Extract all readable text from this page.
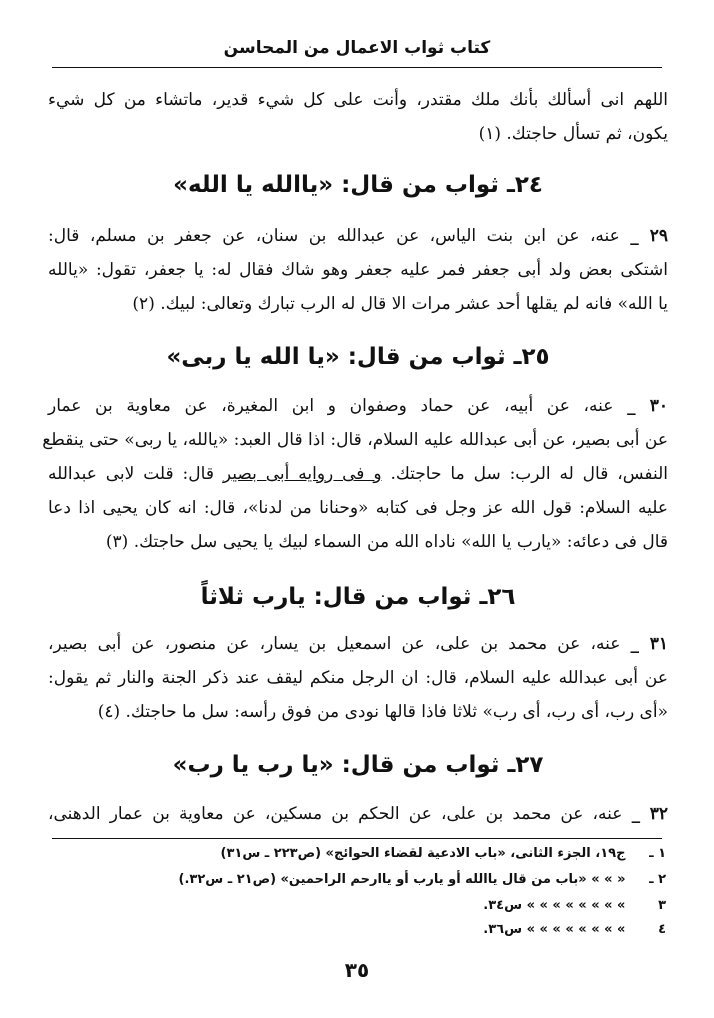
كتاب ثواب الاعمال من المحاسن
اللهم انى أسألك بأنك ملك مقتدر، وأنت على كل شيء قدير، ماتشاء من كل شيء
يكون، ثم تسأل حاجتك. (١)
٢٤ـ ثواب من قال: «ياالله يا الله»
٢٩ _ عنه، عن ابن بنت الياس، عن عبدالله بن سنان، عن جعفر بن مسلم، قال:
اشتكى بعض ولد أبى جعفر فمر عليه جعفر وهو شاك فقال له: يا جعفر، تقول: «يالله
يا الله» فانه لم يقلها أحد عشر مرات الا قال له الرب تبارك وتعالى: لبيك. (٢)
٢٥ـ ثواب من قال: «يا الله يا ربى»
٣٠ _ عنه، عن أبيه، عن حماد وصفوان و ابن المغيرة، عن معاوية بن عمار
عن أبى بصير، عن أبى عبدالله عليه السلام، قال: اذا قال العبد: «يالله، يا ربى» حتى ينقطع
النفس، قال له الرب: سل ما حاجتك. و فى روايه أبى بصير قال: قلت لابى عبدالله
عليه السلام: قول الله عز وجل فى كتابه «وحنانا من لدنا»، قال: انه كان يحيى اذا دعا
قال فى دعائه: «يارب يا الله» ناداه الله من السماء لبيك يا يحيى سل حاجتك. (٣)
٢٦ـ ثواب من قال: يارب ثلاثاً
٣١ _ عنه، عن محمد بن على، عن اسمعيل بن يسار، عن منصور، عن أبى بصير،
عن أبى عبدالله عليه السلام، قال: ان الرجل منكم ليقف عند ذكر الجنة والنار ثم يقول:
«أى رب، أى رب، أى رب» ثلاثا فاذا قالها نودى من فوق رأسه: سل ما حاجتك. (٤)
٢٧ـ ثواب من قال: «يا رب يا رب»
٣٢ _ عنه، عن محمد بن على، عن الحكم بن مسكين، عن معاوية بن عمار الدهنى،
١ ـ ج١٩، الجزء الثانى، «باب الادعية لقضاء الحوائج» (ص٢٢٣ ـ س٣١)
٢ ـ « » » «باب من قال ياالله أو يارب أو ياارحم الراحمين» (ص٢١ ـ س٣٢.)
٣ » » » » » » » » س٣٤.
٤ » » » » » » » » س٣٦.
٣٥
